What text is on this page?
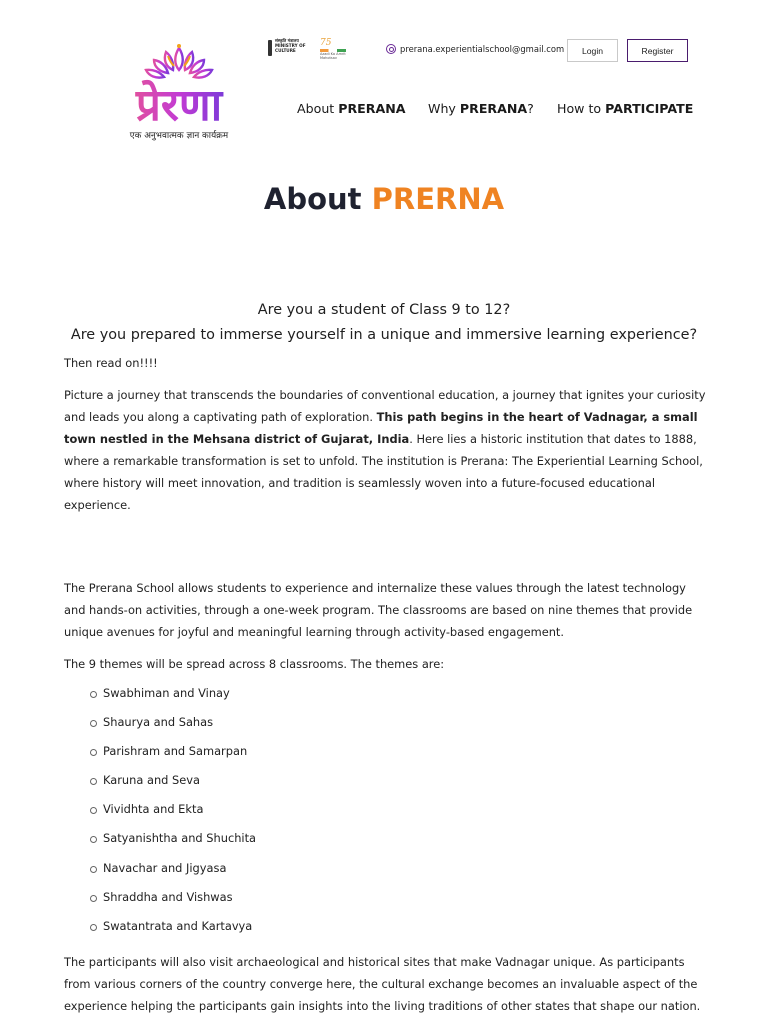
प्रेरणा
एक अनुभवात्मक ज्ञान कार्यक्रम
संस्कृति मंत्रालय
MINISTRY OF
CULTURE
75
Azadi Ka Amrit Mahotsav
prerana.experientialschool@gmail.com	Login	Register
About PRERANA Why PRERANA? How to PARTICIPATE
About PRERNA
Are you a student of Class 9 to 12?
Are you prepared to immerse yourself in a unique and immersive learning experience?

Then read on!!!!

Picture a journey that transcends the boundaries of conventional education, a journey that ignites your curiosity and leads you along a captivating path of exploration. This path begins in the heart of Vadnagar, a small town nestled in the Mehsana district of Gujarat, India. Here lies a historic institution that dates to 1888, where a remarkable transformation is set to unfold. The institution is Prerana: The Experiential Learning School, where history will meet innovation, and tradition is seamlessly woven into a future-focused educational experience.

The Prerana School allows students to experience and internalize these values through the latest technology and hands-on activities, through a one-week program. The classrooms are based on nine themes that provide unique avenues for joyful and meaningful learning through activity-based engagement.

The 9 themes will be spread across 8 classrooms. The themes are:

Swabhiman and Vinay
Shaurya and Sahas
Parishram and Samarpan
Karuna and Seva
Vividhta and Ekta
Satyanishtha and Shuchita
Navachar and Jigyasa
Shraddha and Vishwas
Swatantrata and Kartavya

The participants will also visit archaeological and historical sites that make Vadnagar unique. As participants from various corners of the country converge here, the cultural exchange becomes an invaluable aspect of the experience helping the participants gain insights into the living traditions of other states that shape our nation.
